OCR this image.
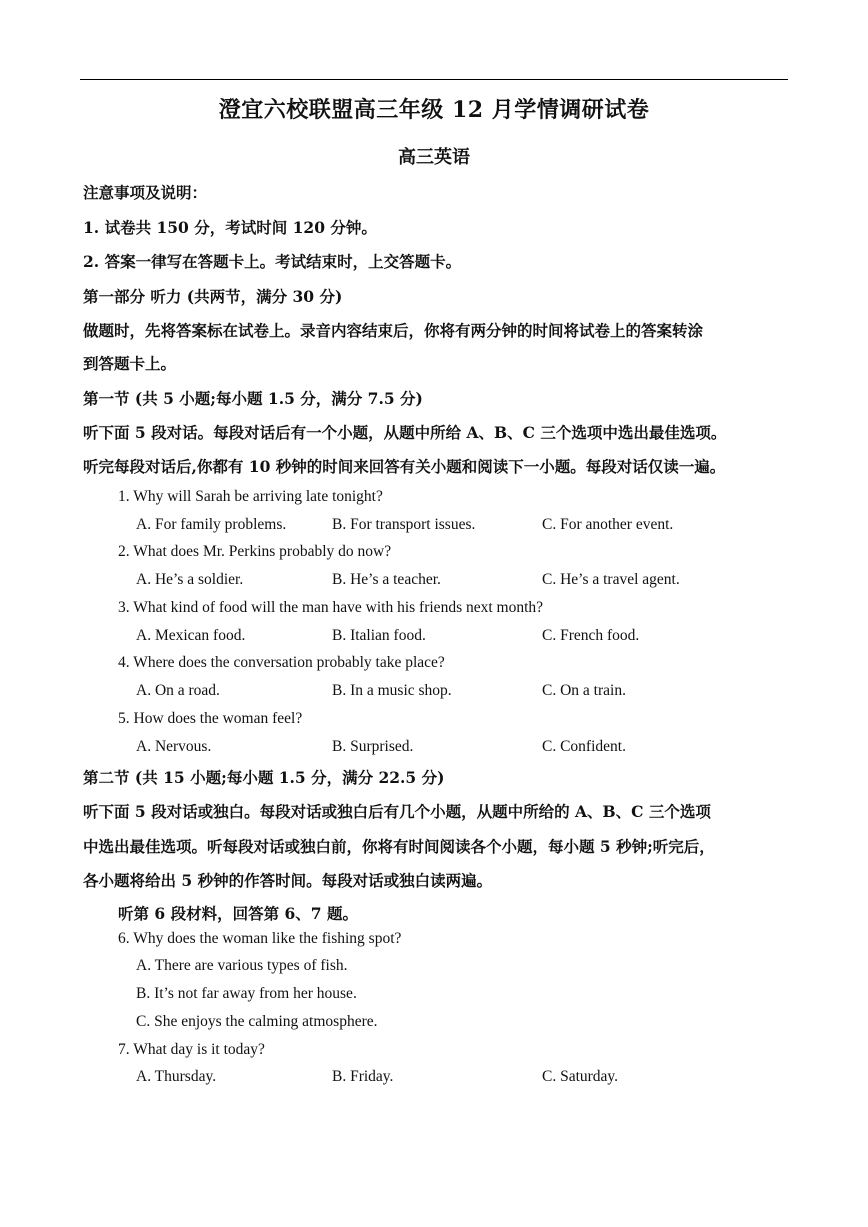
澄宜六校联盟高三年级 12 月学情调研试卷
高三英语
注意事项及说明：
1. 试卷共 150 分，考试时间 120 分钟。
2. 答案一律写在答题卡上。考试结束时，上交答题卡。
第一部分 听力 (共两节，满分 30 分)
做题时，先将答案标在试卷上。录音内容结束后，你将有两分钟的时间将试卷上的答案转涂
到答题卡上。
第一节 (共 5 小题;每小题 1.5 分，满分 7.5 分)
听下面 5 段对话。每段对话后有一个小题，从题中所给 A、B、C 三个选项中选出最佳选项。
听完每段对话后,你都有 10 秒钟的时间来回答有关小题和阅读下一小题。每段对话仅读一遍。
1. Why will Sarah be arriving late tonight?
A. For family problems.	B. For transport issues.	C. For another event.
2. What does Mr. Perkins probably do now?
A. He’s a soldier.	B. He’s a teacher.	C. He’s a travel agent.
3. What kind of food will the man have with his friends next month?
A. Mexican food.	B. Italian food.	C. French food.
4. Where does the conversation probably take place?
A. On a road.	B. In a music shop.	C. On a train.
5. How does the woman feel?
A. Nervous.	B. Surprised.	C. Confident.
第二节 (共 15 小题;每小题 1.5 分，满分 22.5 分)
听下面 5 段对话或独白。每段对话或独白后有几个小题，从题中所给的 A、B、C 三个选项
中选出最佳选项。听每段对话或独白前，你将有时间阅读各个小题，每小题 5 秒钟;听完后，
各小题将给出 5 秒钟的作答时间。每段对话或独白读两遍。
听第 6 段材料，回答第 6、7 题。
6. Why does the woman like the fishing spot?
A. There are various types of fish.
B. It’s not far away from her house.
C. She enjoys the calming atmosphere.
7. What day is it today?
A. Thursday.	B. Friday.	C. Saturday.
